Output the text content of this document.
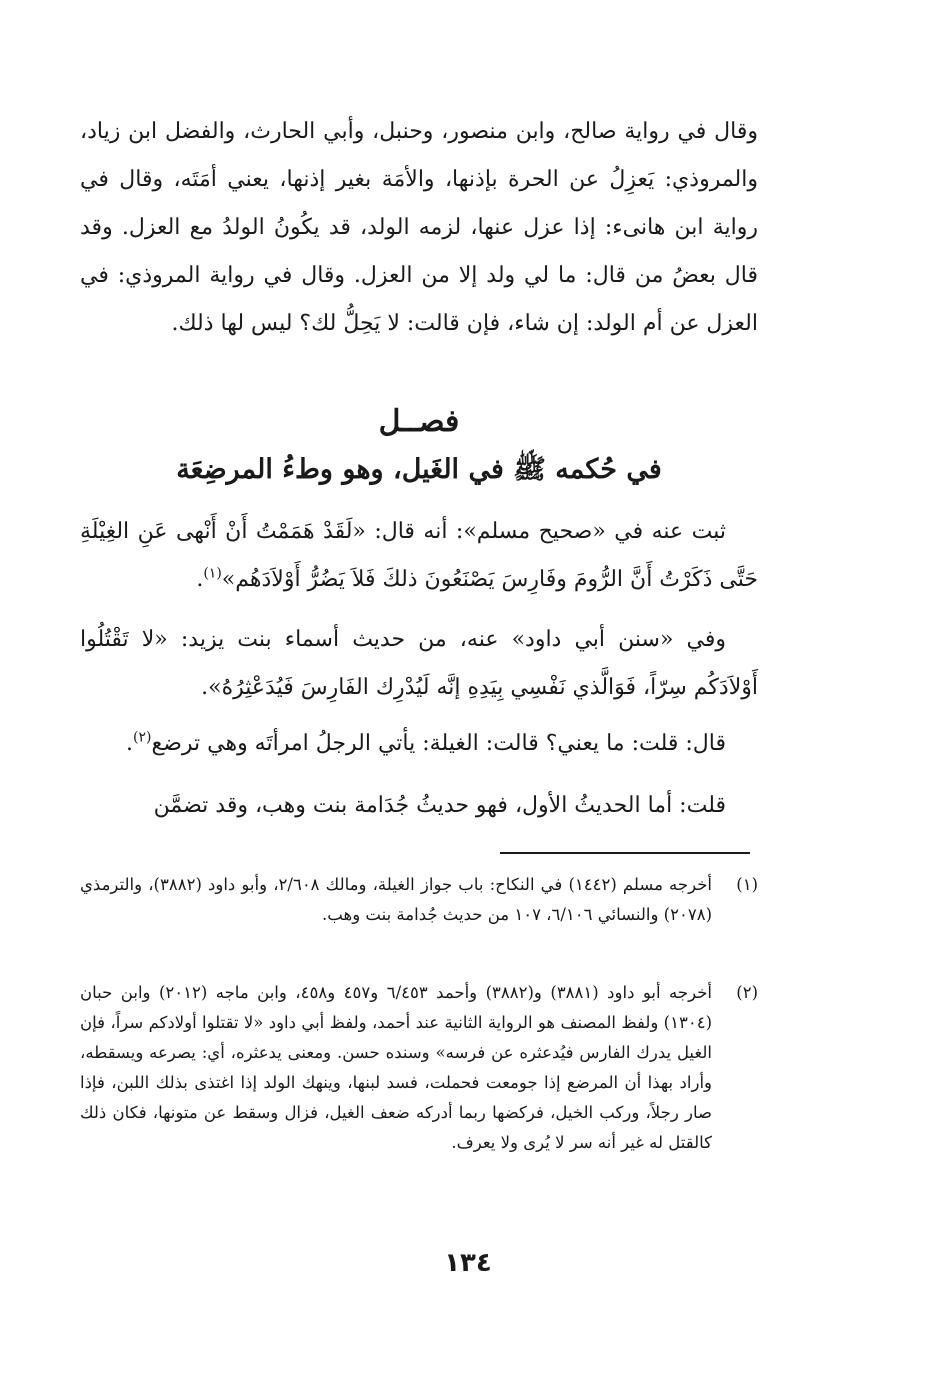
وقال في رواية صالح، وابن منصور، وحنبل، وأبي الحارث، والفضل ابن زياد، والمروذي: يَعزِلُ عن الحرة بإذنها، والأمَة بغير إذنها، يعني أمَتَه، وقال في رواية ابن هانىء: إذا عزل عنها، لزمه الولد، قد يكُونُ الولدُ مع العزل. وقد قال بعضُ من قال: ما لي ولد إلا من العزل. وقال في رواية المروذي: في العزل عن أم الولد: إن شاء، فإن قالت: لا يَحِلُّ لك؟ ليس لها ذلك.
فصــل
في حُكمه ﷺ في الغَيل، وهو وطءُ المرضِعَة
ثبت عنه في «صحيح مسلم»: أنه قال: «لَقَدْ هَمَمْتُ أَنْ أَنْهى عَنِ الغِيْلَةِ حَتَّى ذَكَرْتُ أَنَّ الرُّومَ وفَارِسَ يَصْنَعُونَ ذلكَ فَلاَ يَضُرُّ أَوْلاَدَهُم»$^{(١)}$.
وفي «سنن أبي داود» عنه، من حديث أسماء بنت يزيد: «لا تَقْتُلُوا أَوْلاَدَكُم سِرّاً، فَوَالَّذي نَفْسِي بِيَدِهِ إنَّه لَيُدْرِك الفَارِسَ فَيُدَعْثِرُهُ».
قال: قلت: ما يعني؟ قالت: الغيلة: يأتي الرجلُ امرأتَه وهي ترضع$^{(٢)}$.
قلت: أما الحديثُ الأول، فهو حديثُ جُدَامة بنت وهب، وقد تضمَّن
(١)
أخرجه مسلم (١٤٤٢) في النكاح: باب جواز الغيلة، ومالك ٢/٦٠٨، وأبو داود (٣٨٨٢)، والترمذي (٢٠٧٨) والنسائي ٦/١٠٦، ١٠٧ من حديث جُدامة بنت وهب.
(٢)
أخرجه أبو داود (٣٨٨١) و(٣٨٨٢) وأحمد ٦/٤٥٣ و٤٥٧ و٤٥٨، وابن ماجه (٢٠١٢) وابن حبان (١٣٠٤) ولفظ المصنف هو الرواية الثانية عند أحمد، ولفظ أبي داود «لا تقتلوا أولادكم سراً، فإن الغيل يدرك الفارس فيُدعثره عن فرسه» وسنده حسن. ومعنى يدعثره، أي: يصرعه ويسقطه، وأراد بهذا أن المرضع إذا جومعت فحملت، فسد لبنها، وينهك الولد إذا اغتذى بذلك اللبن، فإذا صار رجلاً، وركب الخيل، فركضها ربما أدركه ضعف الغيل، فزال وسقط عن متونها، فكان ذلك كالقتل له غير أنه سر لا يُرى ولا يعرف.
١٣٤
